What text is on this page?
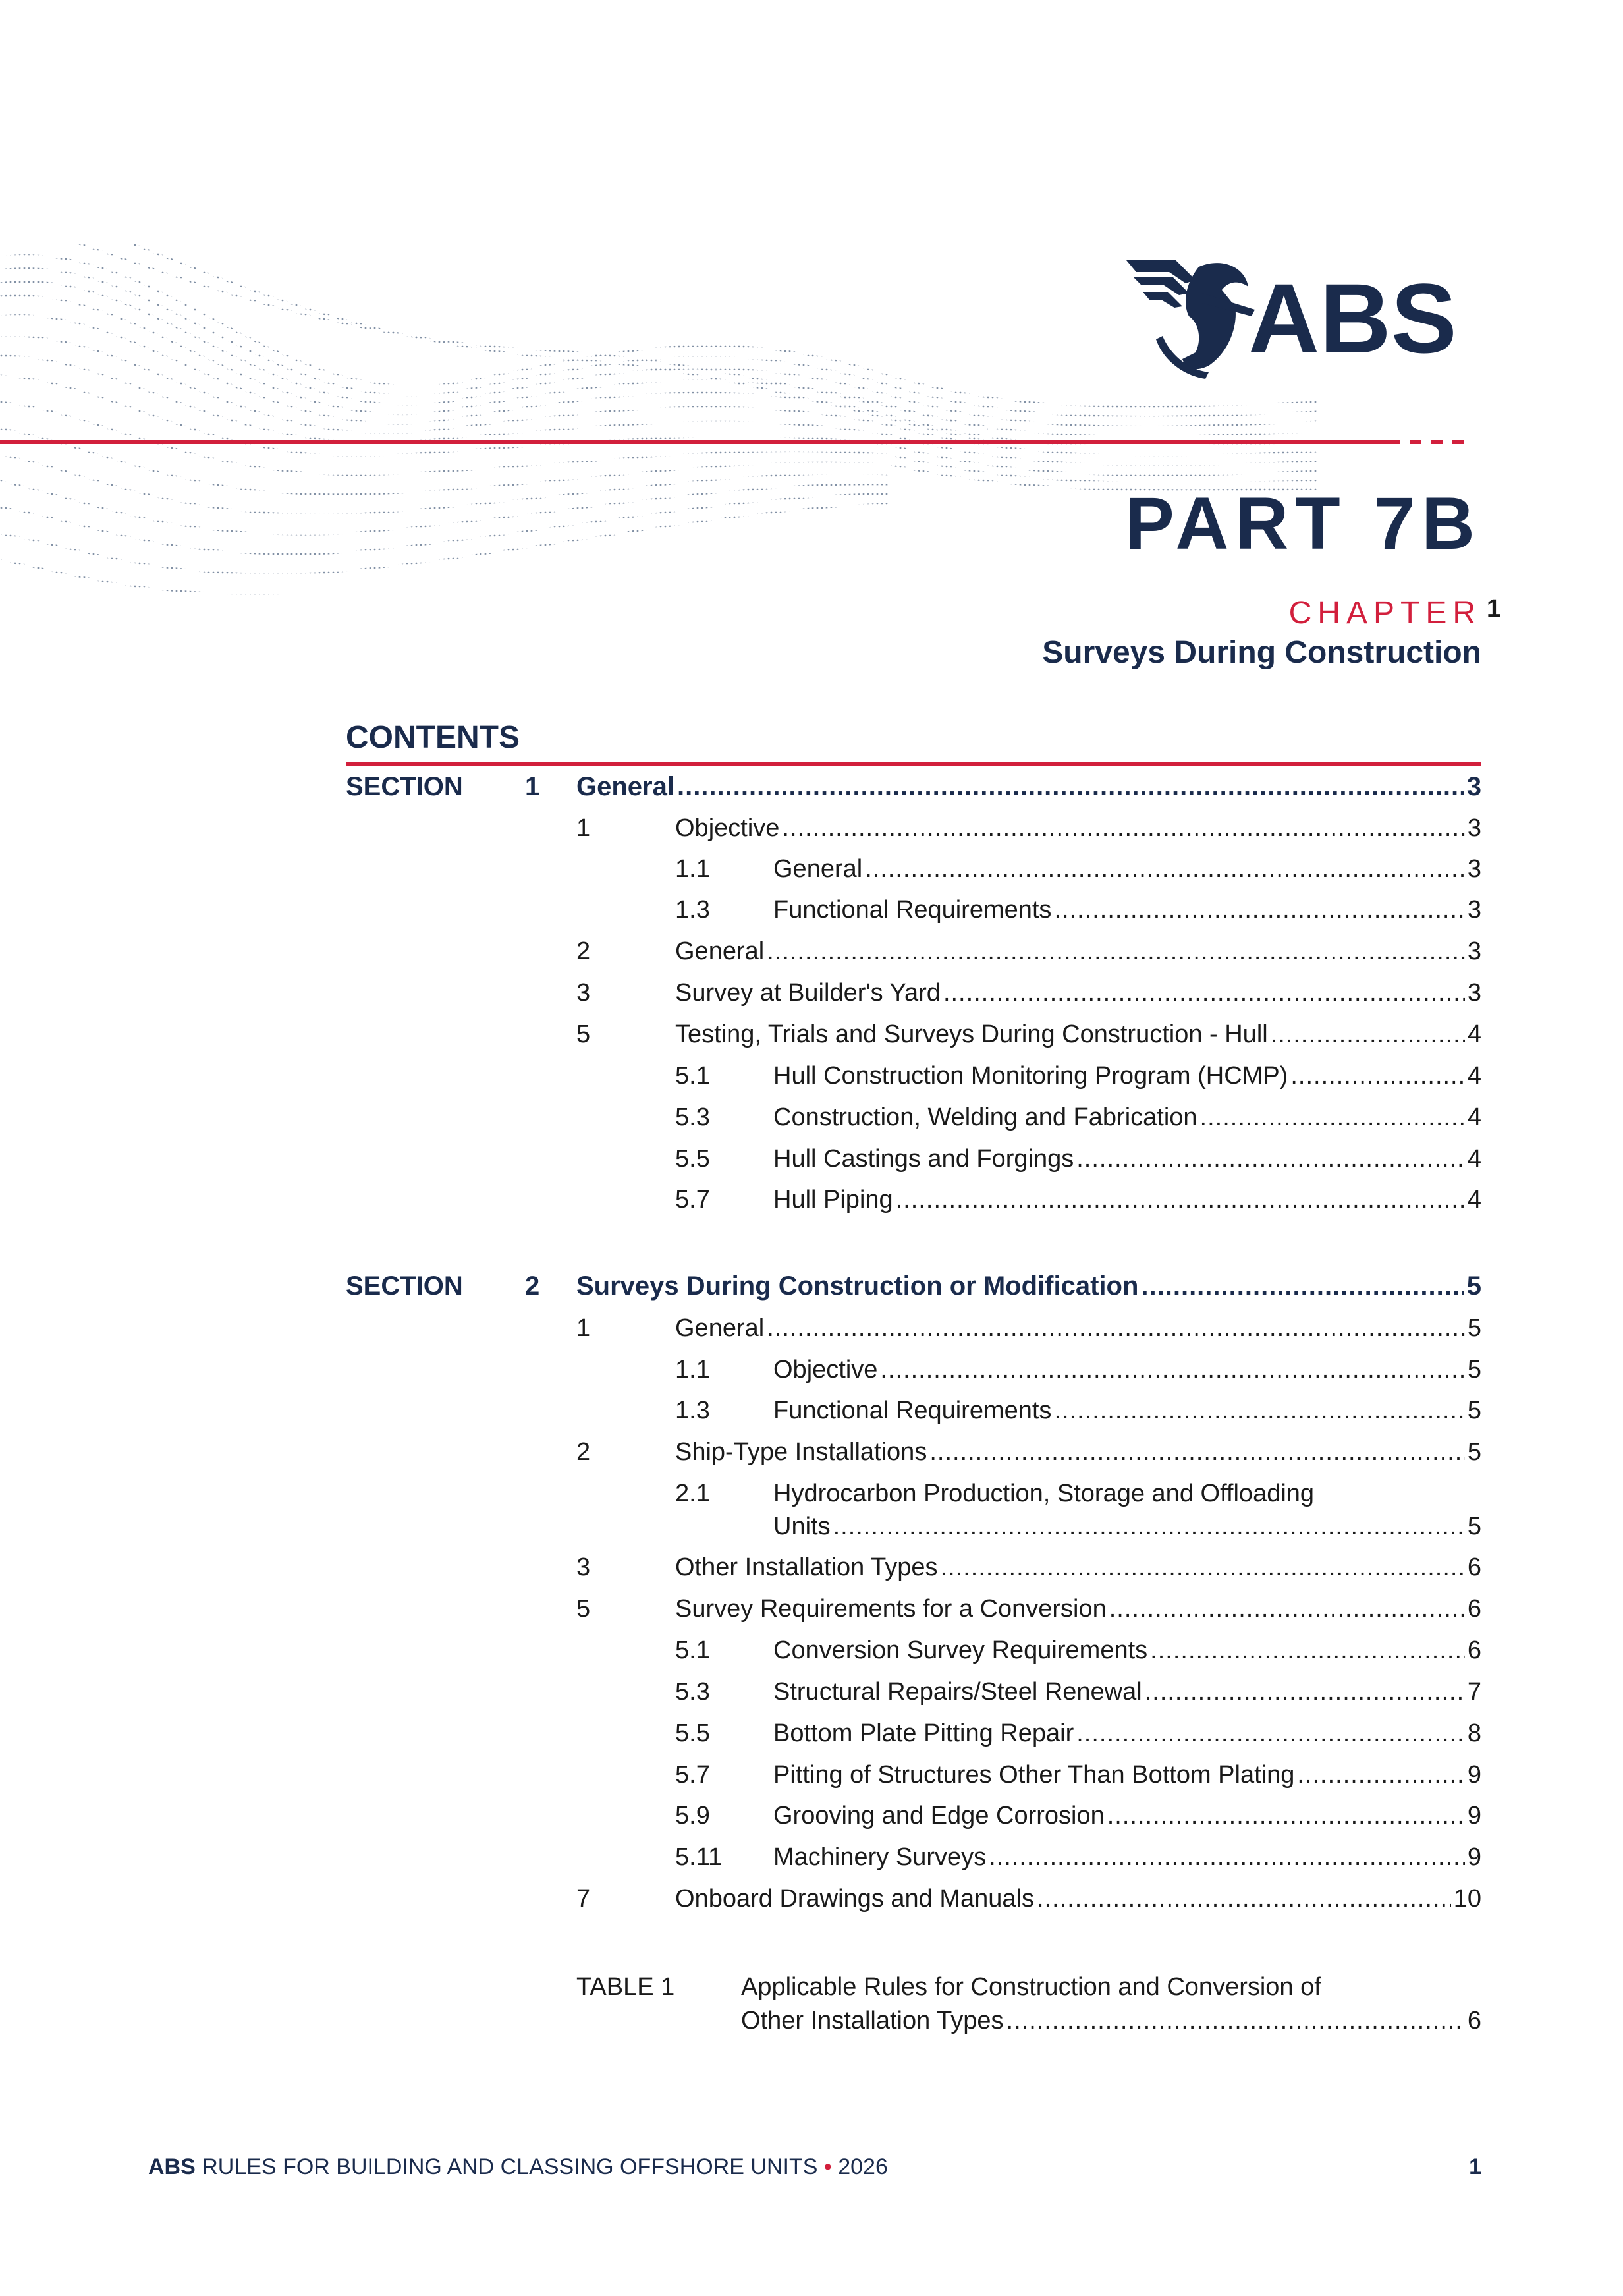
ABS
PART 7B
CHAPTER 1
Surveys During Construction
CONTENTS
SECTION 1 General .....	3
1	Objective .....	3
1.1	General .....	3
1.3	Functional Requirements .....	3
2	General .....	3
3	Survey at Builder's Yard .....	3
5	Testing, Trials and Surveys During Construction - Hull .....	4
5.1	Hull Construction Monitoring Program (HCMP) .....	4
5.3	Construction, Welding and Fabrication .....	4
5.5	Hull Castings and Forgings .....	4
5.7	Hull Piping .....	4
SECTION 2 Surveys During Construction or Modification .....	5
1	General .....	5
1.1	Objective .....	5
1.3	Functional Requirements .....	5
2	Ship-Type Installations .....	5
2.1	Hydrocarbon Production, Storage and Offloading
Units .....	5
3	Other Installation Types .....	6
5	Survey Requirements for a Conversion .....	6
5.1	Conversion Survey Requirements .....	6
5.3	Structural Repairs/Steel Renewal .....	7
5.5	Bottom Plate Pitting Repair .....	8
5.7	Pitting of Structures Other Than Bottom Plating .....	9
5.9	Grooving and Edge Corrosion .....	9
5.11 Machinery Surveys .....	9
7	Onboard Drawings and Manuals .....	10
TABLE 1	Applicable Rules for Construction and Conversion of
Other Installation Types .....	6
ABS RULES FOR BUILDING AND CLASSING OFFSHORE UNITS • 2026	1
